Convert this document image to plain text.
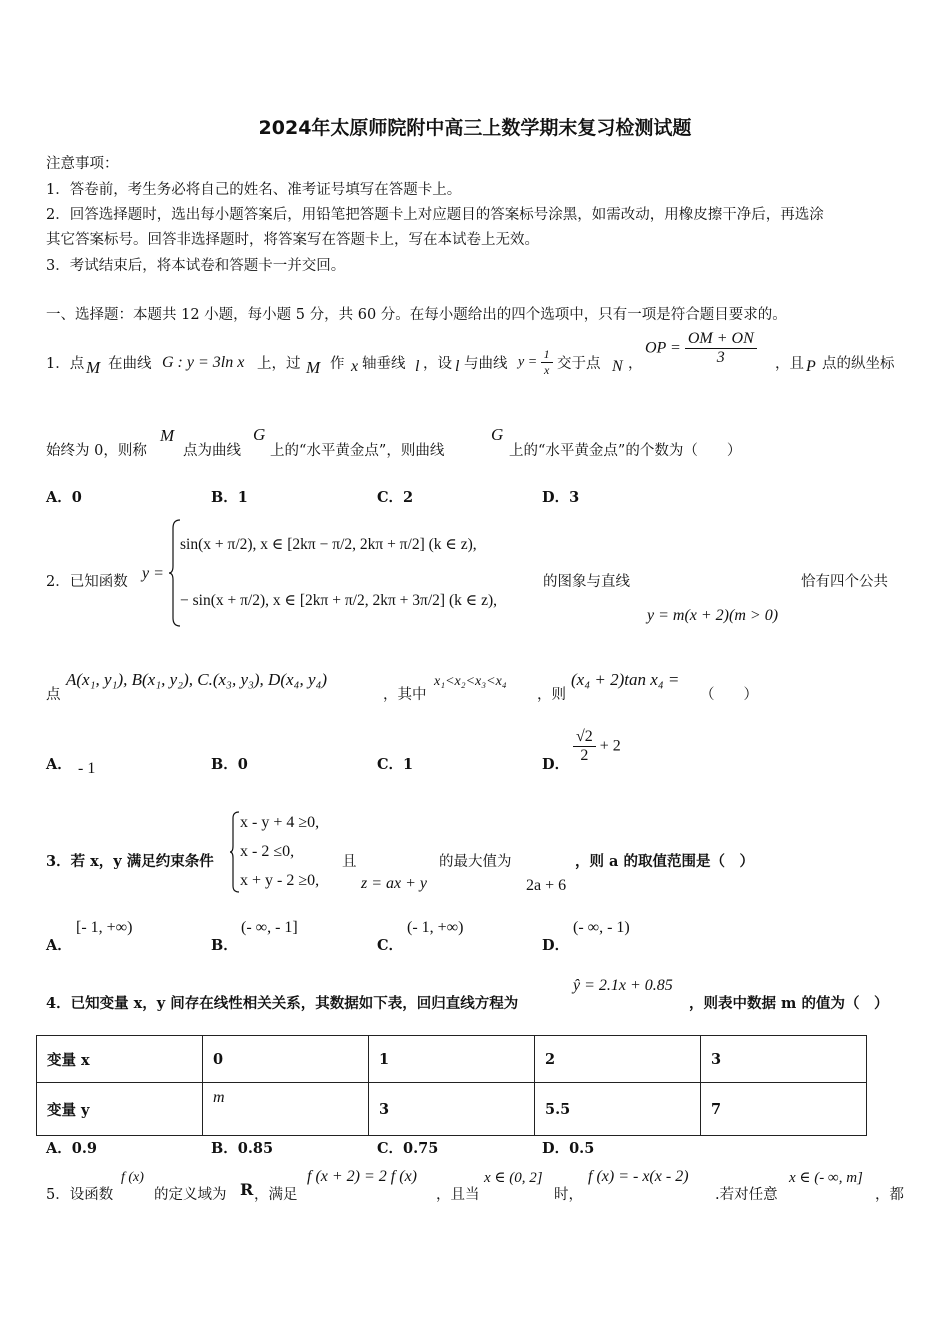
2024年太原师院附中高三上数学期末复习检测试题
注意事项：
1．答卷前，考生务必将自己的姓名、准考证号填写在答题卡上。
2．回答选择题时，选出每小题答案后，用铅笔把答题卡上对应题目的答案标号涂黑，如需改动，用橡皮擦干净后，再选涂
其它答案标号。回答非选择题时，将答案写在答题卡上，写在本试卷上无效。
3．考试结束后，将本试卷和答题卡一并交回。
一、选择题：本题共 12 小题，每小题 5 分，共 60 分。在每小题给出的四个选项中，只有一项是符合题目要求的。
1．点 M 在曲线 G : y = 3ln x 上，过 M 作 x 轴垂线 l ，设 l 与曲线 $y = \frac{1}{x}$ 交于点 N ，
OP = $\frac{OM + ON}{3}$ ，且 P 点的纵坐标
始终为 0，则称
M
点为曲线
G
上的“水平黄金点”，则曲线
G
上的“水平黄金点”的个数为（　　）
A．0	B．1	C．2	D．3
2．已知函数 y =
sin(x + π/2), x ∈ [2kπ − π/2, 2kπ + π/2] (k ∈ z),
− sin(x + π/2), x ∈ [2kπ + π/2, 2kπ + 3π/2] (k ∈ z),
的图象与直线	恰有四个公共
y = m(x + 2)(m > 0)
点
A(x₁, y₁), B(x₁, y₂), C.(x₃, y₃), D(x₄, y₄)
，其中
x₁<x₂<x₃<x₄
，则
(x₄ + 2)tan x₄ =
（　　）
A． - 1	B．0	C．1	D． $\frac{√2}{2} + 2$
3．若 x，y 满足约束条件
x - y + 4 ≥0,
x - 2 ≤0,
x + y - 2 ≥0,
且
z = ax + y
的最大值为
2a + 6
，则 a 的取值范围是（　）
A．
[- 1, +∞)
B．
(- ∞, - 1]
C．
(- 1, +∞)
D．
(- ∞, - 1)
4．已知变量 x，y 间存在线性相关关系，其数据如下表，回归直线方程为
ŷ = 2.1x + 0.85
，则表中数据 m 的值为（　）
变量 x	0	1	2	3
变量 y	m	3	5.5	7
A．0.9	B．0.85	C．0.75	D．0.5
5．设函数
f (x)
的定义域为 R ，满足
f (x + 2) = 2 f (x)
，且当
x ∈ (0, 2]
时，
f (x) = - x(x - 2)
.若对任意
x ∈ (- ∞, m]
，都
